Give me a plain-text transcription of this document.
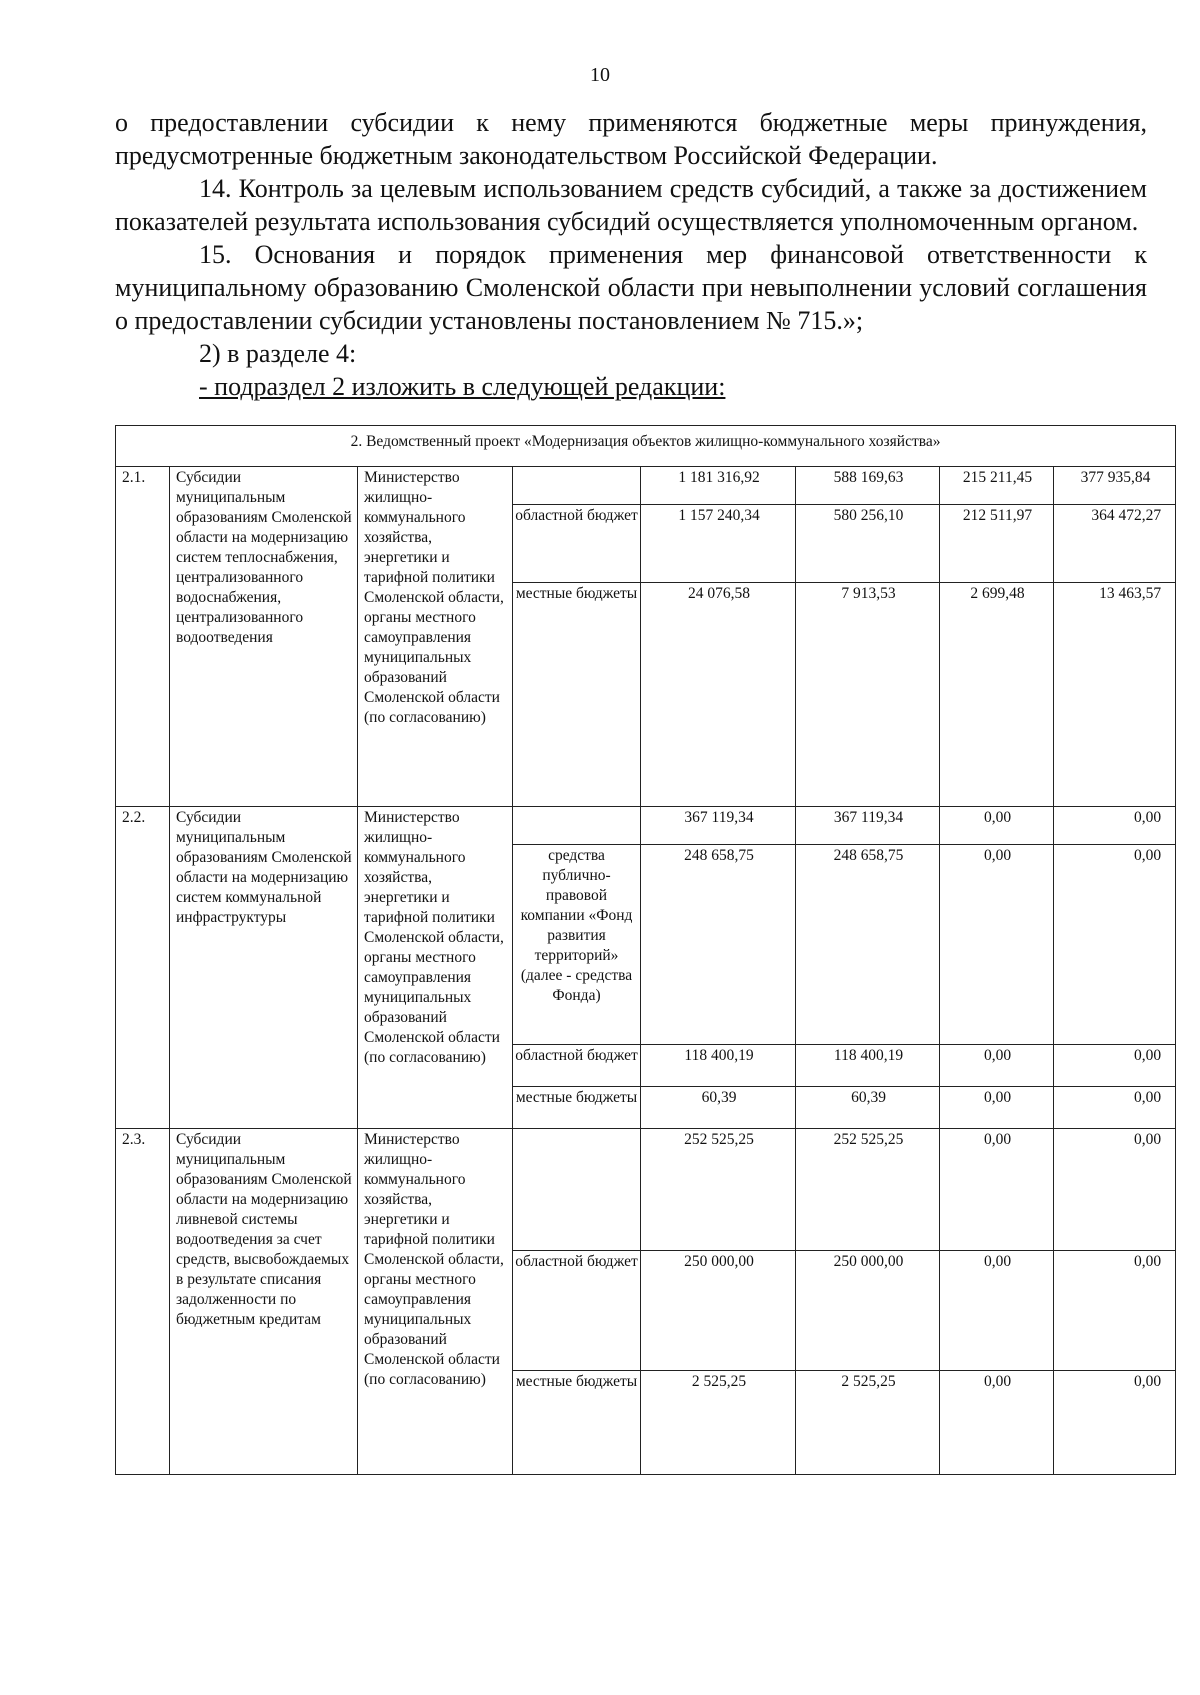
10

о предоставлении субсидии к нему применяются бюджетные меры принуждения, предусмотренные бюджетным законодательством Российской Федерации.

14. Контроль за целевым использованием средств субсидий, а также за достижением показателей результата использования субсидий осуществляется уполномоченным органом.

15. Основания и порядок применения мер финансовой ответственности к муниципальному образованию Смоленской области при невыполнении условий соглашения о предоставлении субсидии установлены постановлением № 715.»;

2) в разделе 4:

- подраздел 2 изложить в следующей редакции:

2. Ведомственный проект «Модернизация объектов жилищно-коммунального хозяйства»							
2.1.	Субсидии муниципальным образованиям Смоленской области на модернизацию систем теплоснабжения, централизованного водоснабжения, централизованного водоотведения	Министерство жилищно-коммунального хозяйства, энергетики и тарифной политики Смоленской области, органы местного самоуправления муниципальных образований Смоленской области (по согласованию)		1 181 316,92	588 169,63	215 211,45	377 935,84
			областной бюджет	1 157 240,34	580 256,10	212 511,97	364 472,27
			местные бюджеты	24 076,58	7 913,53	2 699,48	13 463,57
2.2.	Субсидии муниципальным образованиям Смоленской области на модернизацию систем коммунальной инфраструктуры	Министерство жилищно-коммунального хозяйства, энергетики и тарифной политики Смоленской области, органы местного самоуправления муниципальных образований Смоленской области (по согласованию)		367 119,34	367 119,34	0,00	0,00
			средства публично-правовой компании «Фонд развития территорий» (далее - средства Фонда)	248 658,75	248 658,75	0,00	0,00
			областной бюджет	118 400,19	118 400,19	0,00	0,00
			местные бюджеты	60,39	60,39	0,00	0,00
2.3.	Субсидии муниципальным образованиям Смоленской области на модернизацию ливневой системы водоотведения за счет средств, высвобождаемых в результате списания задолженности по бюджетным кредитам	Министерство жилищно-коммунального хозяйства, энергетики и тарифной политики Смоленской области, органы местного самоуправления муниципальных образований Смоленской области (по согласованию)		252 525,25	252 525,25	0,00	0,00
			областной бюджет	250 000,00	250 000,00	0,00	0,00
			местные бюджеты	2 525,25	2 525,25	0,00	0,00
